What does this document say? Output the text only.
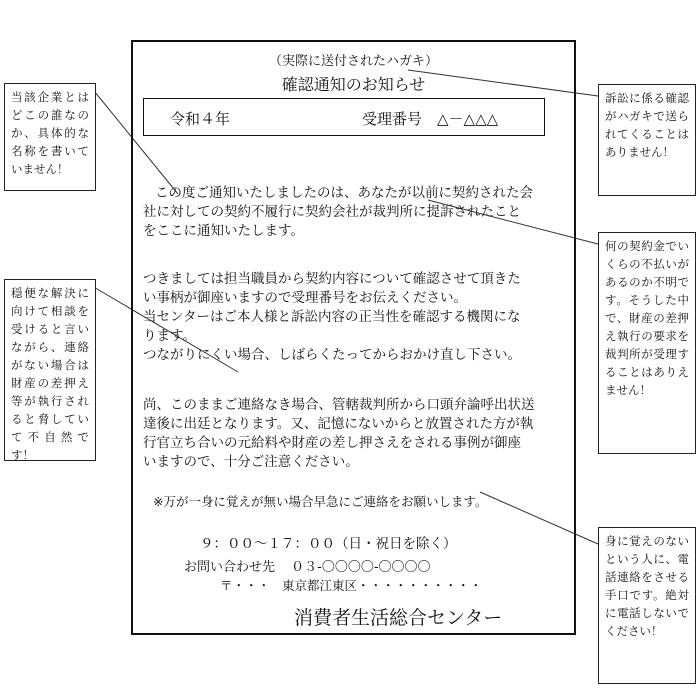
（実際に送付されたハガキ）
確認通知のお知らせ
令和４年	受理番号　△－△△△
この度ご通知いたしましたのは、あなたが以前に契約された会
社に対しての契約不履行に契約会社が裁判所に提訴されたこと
をここに通知いたします。
つきましては担当職員から契約内容について確認させて頂きた
い事柄が御座いますので受理番号をお伝えください。
当センターはご本人様と訴訟内容の正当性を確認する機関にな
ります。
つながりにくい場合、しばらくたってからおかけ直し下さい。
尚、このままご連絡なき場合、管轄裁判所から口頭弁論呼出状送
達後に出廷となります。又、記憶にないからと放置された方が執
行官立ち合いの元給料や財産の差し押さえをされる事例が御座
いますので、十分ご注意ください。
※万が一身に覚えが無い場合早急にご連絡をお願いします。
９：００～１７：００（日・祝日を除く）
お問い合わせ先 ０３-〇〇〇〇-〇〇〇〇
〒・・・ 東京都江東区・・・・・・・・・・
消費者生活総合センター
当該企業とはどこの誰なのか、具体的な名称を書いていません！
穏便な解決に向けて相談を受けると言いながら、連絡がない場合は財産の差押え等が執行されると脅していて不自然です！
訴訟に係る確認がハガキで送られてくることはありません！
何の契約金でいくらの不払いがあるのか不明です。そうした中で、財産の差押え執行の要求を裁判所が受理することはありえません！
身に覚えのないという人に、電話連絡をさせる手口です。絶対に電話しないでください！
